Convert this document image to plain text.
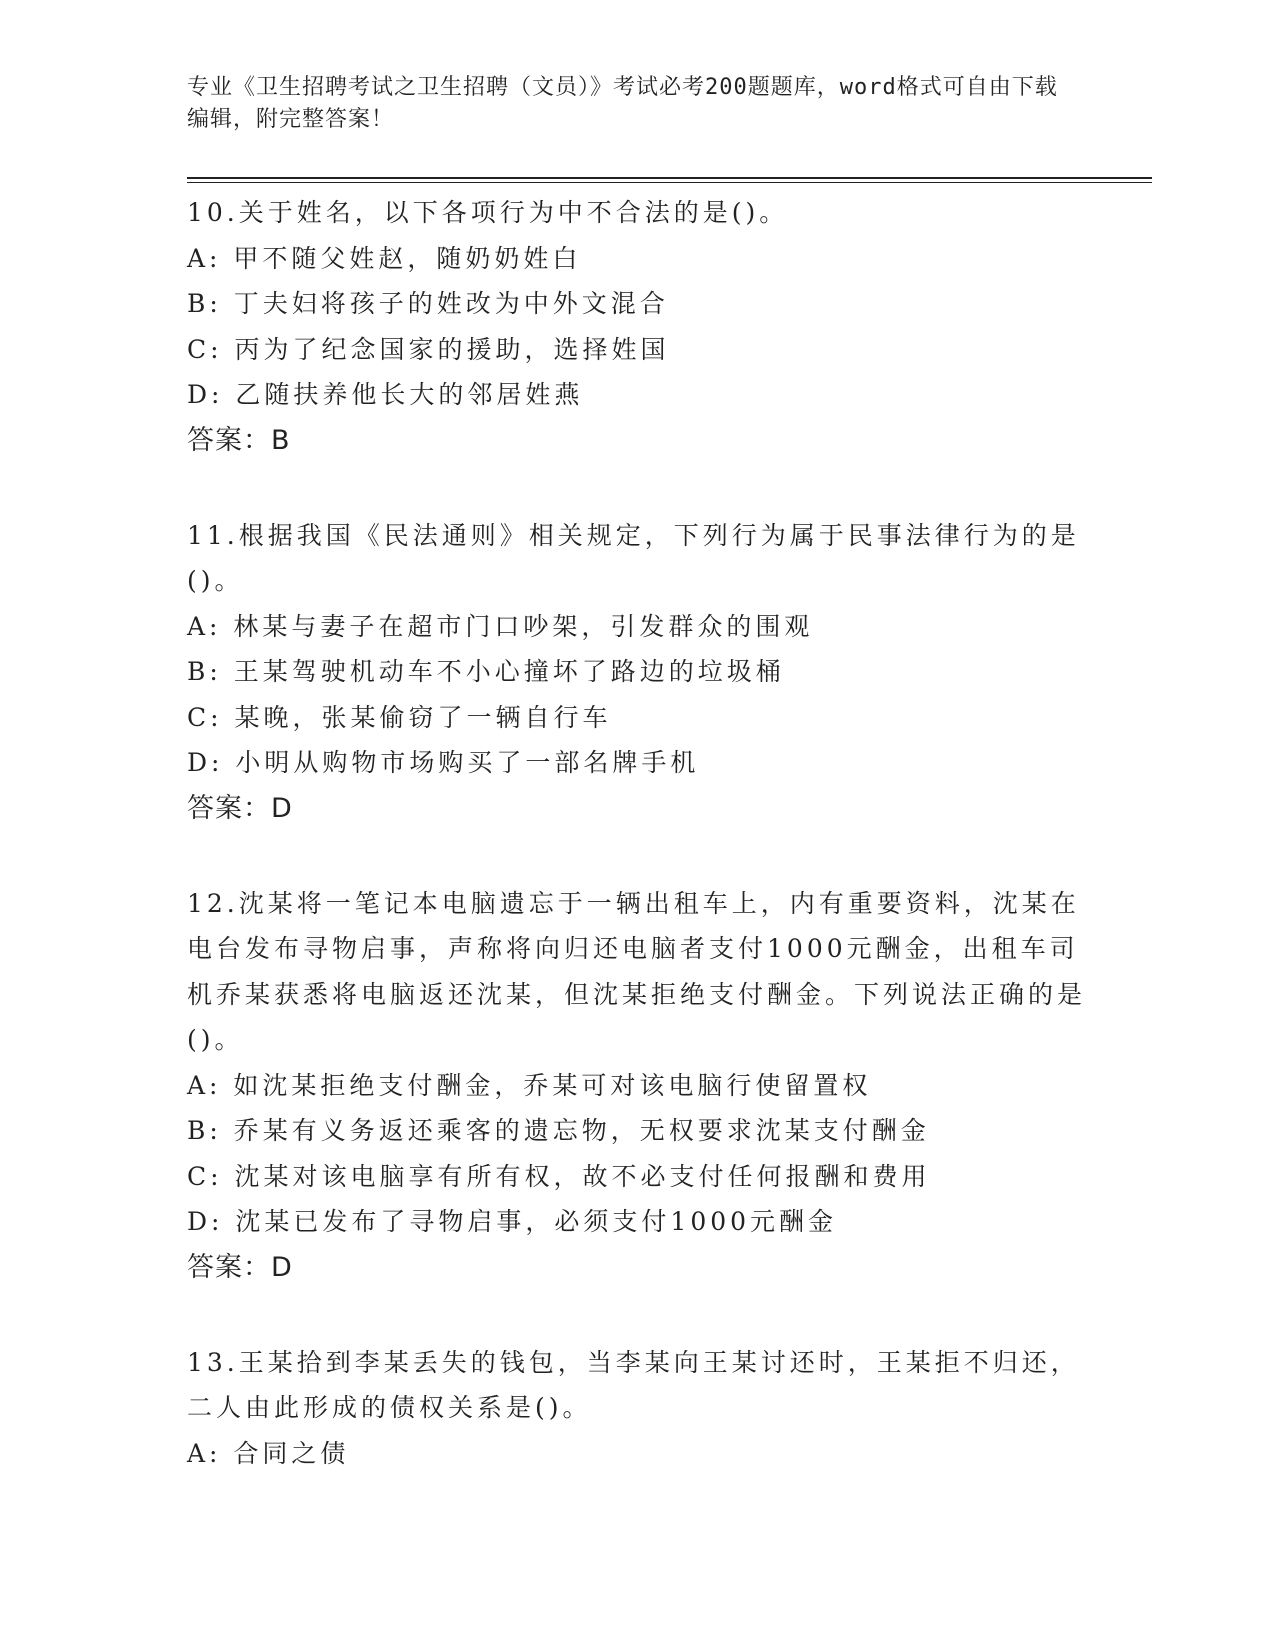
专业《卫生招聘考试之卫生招聘（文员）》考试必考200题题库，word格式可自由下载编辑，附完整答案！
10.关于姓名，以下各项行为中不合法的是()。
A: 甲不随父姓赵，随奶奶姓白
B: 丁夫妇将孩子的姓改为中外文混合
C: 丙为了纪念国家的援助，选择姓国
D: 乙随扶养他长大的邻居姓燕
答案：B
11.根据我国《民法通则》相关规定，下列行为属于民事法律行为的是()。
A: 林某与妻子在超市门口吵架，引发群众的围观
B: 王某驾驶机动车不小心撞坏了路边的垃圾桶
C: 某晚，张某偷窃了一辆自行车
D: 小明从购物市场购买了一部名牌手机
答案：D
12.沈某将一笔记本电脑遗忘于一辆出租车上，内有重要资料，沈某在电台发布寻物启事，声称将向归还电脑者支付1000元酬金，出租车司机乔某获悉将电脑返还沈某，但沈某拒绝支付酬金。下列说法正确的是()。
A: 如沈某拒绝支付酬金，乔某可对该电脑行使留置权
B: 乔某有义务返还乘客的遗忘物，无权要求沈某支付酬金
C: 沈某对该电脑享有所有权，故不必支付任何报酬和费用
D: 沈某已发布了寻物启事，必须支付1000元酬金
答案：D
13.王某拾到李某丢失的钱包，当李某向王某讨还时，王某拒不归还，二人由此形成的债权关系是()。
A: 合同之债
